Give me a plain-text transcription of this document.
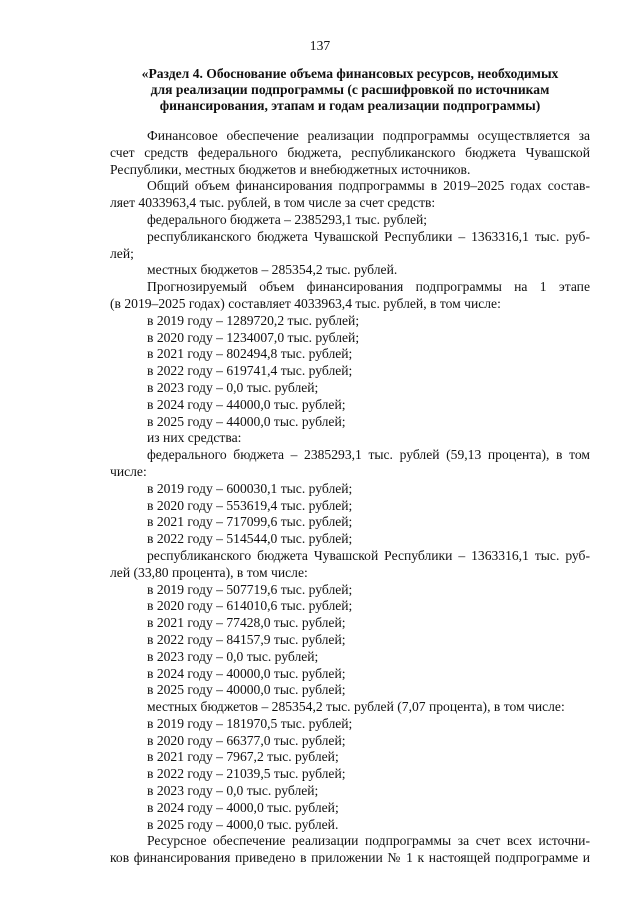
137
«Раздел 4. Обоснование объема финансовых ресурсов, необходимых
для реализации подпрограммы (с расшифровкой по источникам
финансирования, этапам и годам реализации подпрограммы)
Финансовое обеспечение реализации подпрограммы осуществляется за
счет средств федерального бюджета, республиканского бюджета Чувашской
Республики, местных бюджетов и внебюджетных источников.
Общий объем финансирования подпрограммы в 2019–2025 годах состав-
ляет 4033963,4 тыс. рублей, в том числе за счет средств:
федерального бюджета – 2385293,1 тыс. рублей;
республиканского бюджета Чувашской Республики – 1363316,1 тыс. руб-
лей;
местных бюджетов – 285354,2 тыс. рублей.
Прогнозируемый объем финансирования подпрограммы на 1 этапе
(в 2019–2025 годах) составляет 4033963,4 тыс. рублей, в том числе:
в 2019 году – 1289720,2 тыс. рублей;
в 2020 году – 1234007,0 тыс. рублей;
в 2021 году – 802494,8 тыс. рублей;
в 2022 году – 619741,4 тыс. рублей;
в 2023 году – 0,0 тыс. рублей;
в 2024 году – 44000,0 тыс. рублей;
в 2025 году – 44000,0 тыс. рублей;
из них средства:
федерального бюджета – 2385293,1 тыс. рублей (59,13 процента), в том
числе:
в 2019 году – 600030,1 тыс. рублей;
в 2020 году – 553619,4 тыс. рублей;
в 2021 году – 717099,6 тыс. рублей;
в 2022 году – 514544,0 тыс. рублей;
республиканского бюджета Чувашской Республики – 1363316,1 тыс. руб-
лей (33,80 процента), в том числе:
в 2019 году – 507719,6 тыс. рублей;
в 2020 году – 614010,6 тыс. рублей;
в 2021 году – 77428,0 тыс. рублей;
в 2022 году – 84157,9 тыс. рублей;
в 2023 году – 0,0 тыс. рублей;
в 2024 году – 40000,0 тыс. рублей;
в 2025 году – 40000,0 тыс. рублей;
местных бюджетов – 285354,2 тыс. рублей (7,07 процента), в том числе:
в 2019 году – 181970,5 тыс. рублей;
в 2020 году – 66377,0 тыс. рублей;
в 2021 году – 7967,2 тыс. рублей;
в 2022 году – 21039,5 тыс. рублей;
в 2023 году – 0,0 тыс. рублей;
в 2024 году – 4000,0 тыс. рублей;
в 2025 году – 4000,0 тыс. рублей.
Ресурсное обеспечение реализации подпрограммы за счет всех источни-
ков финансирования приведено в приложении № 1 к настоящей подпрограмме и
